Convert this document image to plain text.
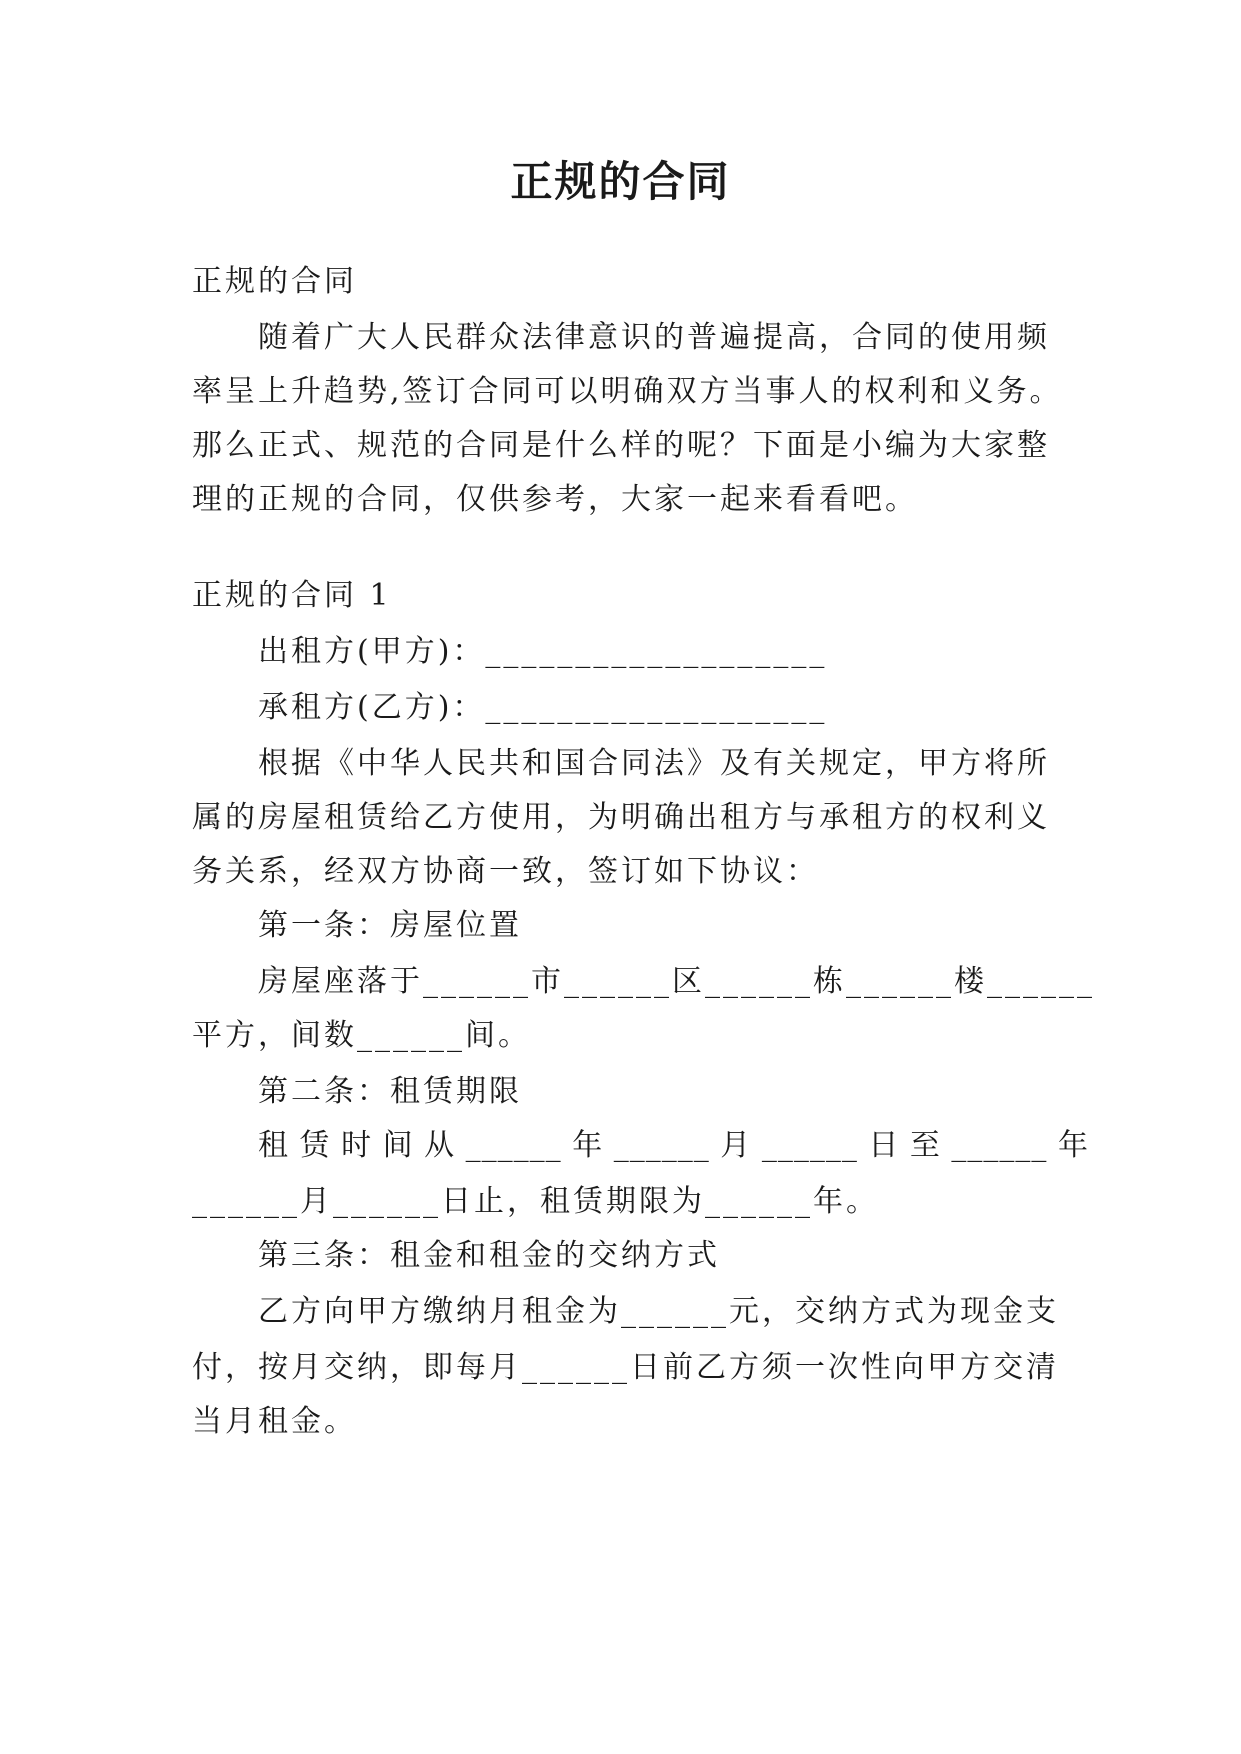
正规的合同
正规的合同
随着广大人民群众法律意识的普遍提高，合同的使用频
率呈上升趋势,签订合同可以明确双方当事人的权利和义务。
那么正式、规范的合同是什么样的呢？下面是小编为大家整
理的正规的合同，仅供参考，大家一起来看看吧。
正规的合同 1
出租方(甲方)：___________________
承租方(乙方)：___________________
根据《中华人民共和国合同法》及有关规定，甲方将所
属的房屋租赁给乙方使用，为明确出租方与承租方的权利义
务关系，经双方协商一致，签订如下协议：
第一条：房屋位置
房屋座落于______市______区______栋______楼______
平方，间数______间。
第二条：租赁期限
租 赁 时 间 从 ______ 年 ______ 月 ______ 日 至 ______ 年
______月______日止，租赁期限为______年。
第三条：租金和租金的交纳方式
乙方向甲方缴纳月租金为______元，交纳方式为现金支
付，按月交纳，即每月______日前乙方须一次性向甲方交清
当月租金。
